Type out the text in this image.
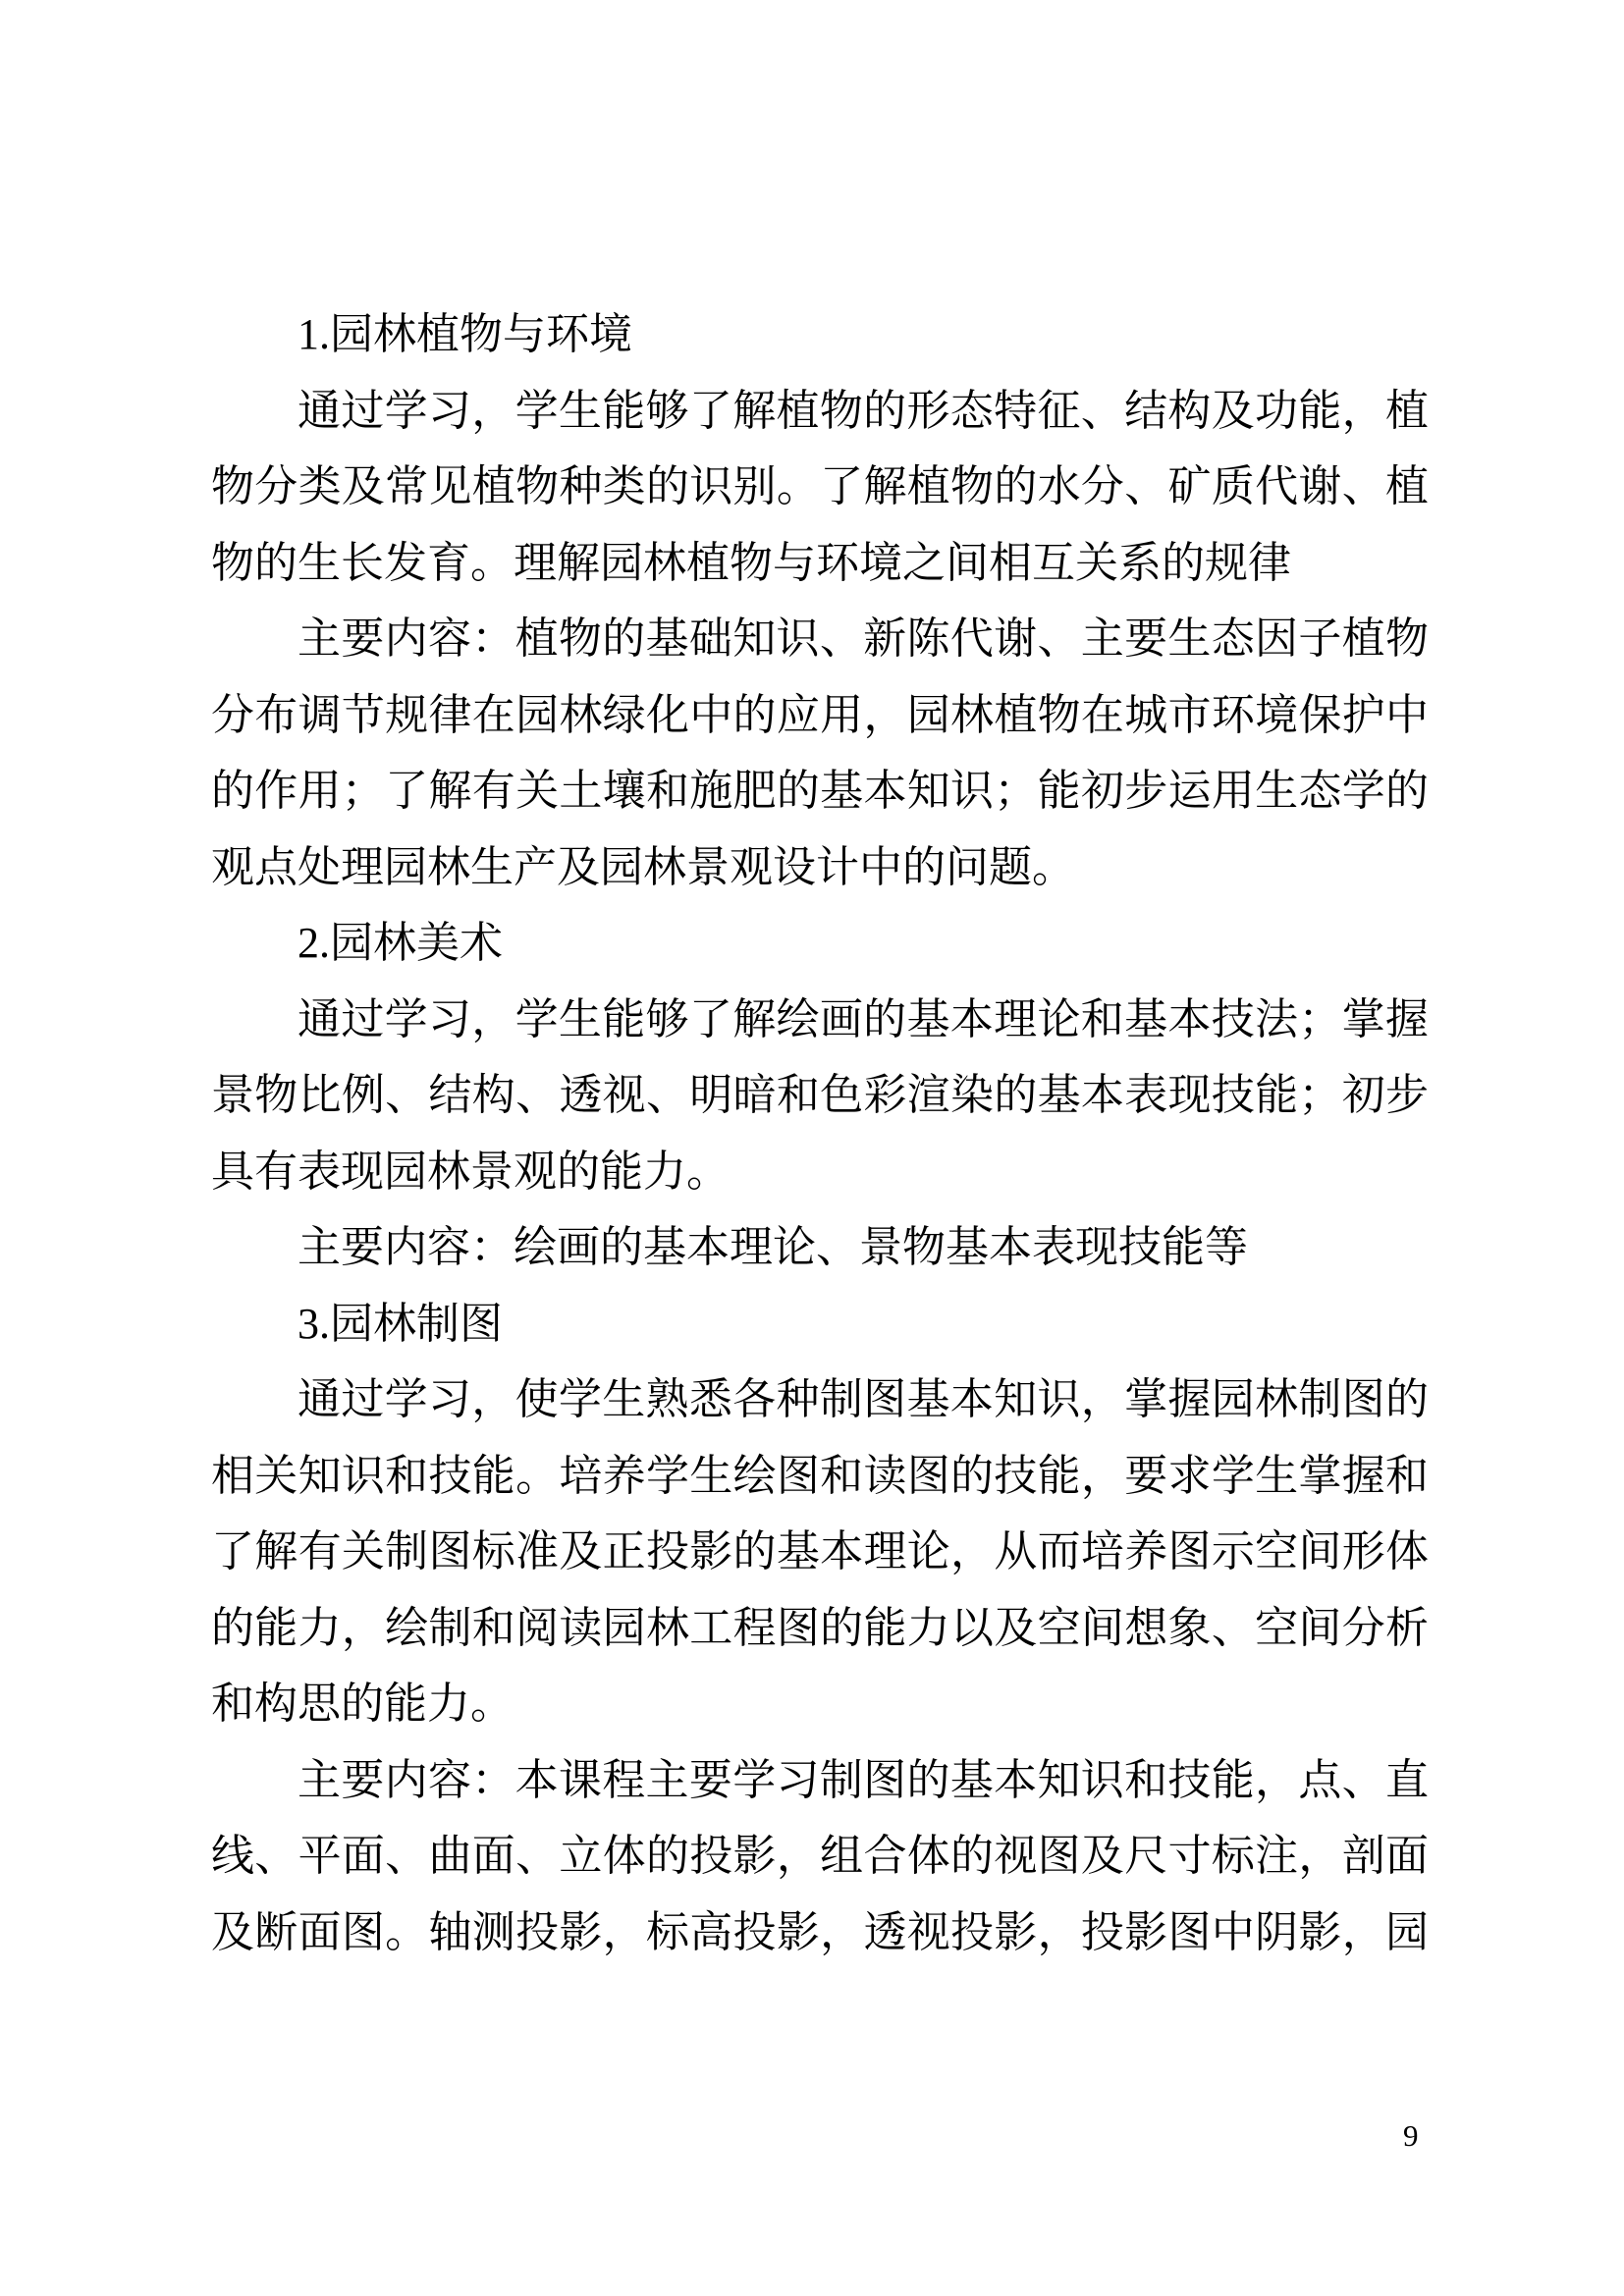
1.园林植物与环境
通过学习，学生能够了解植物的形态特征、结构及功能，植
物分类及常见植物种类的识别。了解植物的水分、矿质代谢、植
物的生长发育。理解园林植物与环境之间相互关系的规律
主要内容：植物的基础知识、新陈代谢、主要生态因子植物
分布调节规律在园林绿化中的应用，园林植物在城市环境保护中
的作用；了解有关土壤和施肥的基本知识；能初步运用生态学的
观点处理园林生产及园林景观设计中的问题。
2.园林美术
通过学习，学生能够了解绘画的基本理论和基本技法；掌握
景物比例、结构、透视、明暗和色彩渲染的基本表现技能；初步
具有表现园林景观的能力。
主要内容：绘画的基本理论、景物基本表现技能等
3.园林制图
通过学习，使学生熟悉各种制图基本知识，掌握园林制图的
相关知识和技能。培养学生绘图和读图的技能，要求学生掌握和
了解有关制图标准及正投影的基本理论，从而培养图示空间形体
的能力，绘制和阅读园林工程图的能力以及空间想象、空间分析
和构思的能力。
主要内容：本课程主要学习制图的基本知识和技能，点、直
线、平面、曲面、立体的投影，组合体的视图及尺寸标注，剖面
及断面图。轴测投影，标高投影，透视投影，投影图中阴影，园
9
